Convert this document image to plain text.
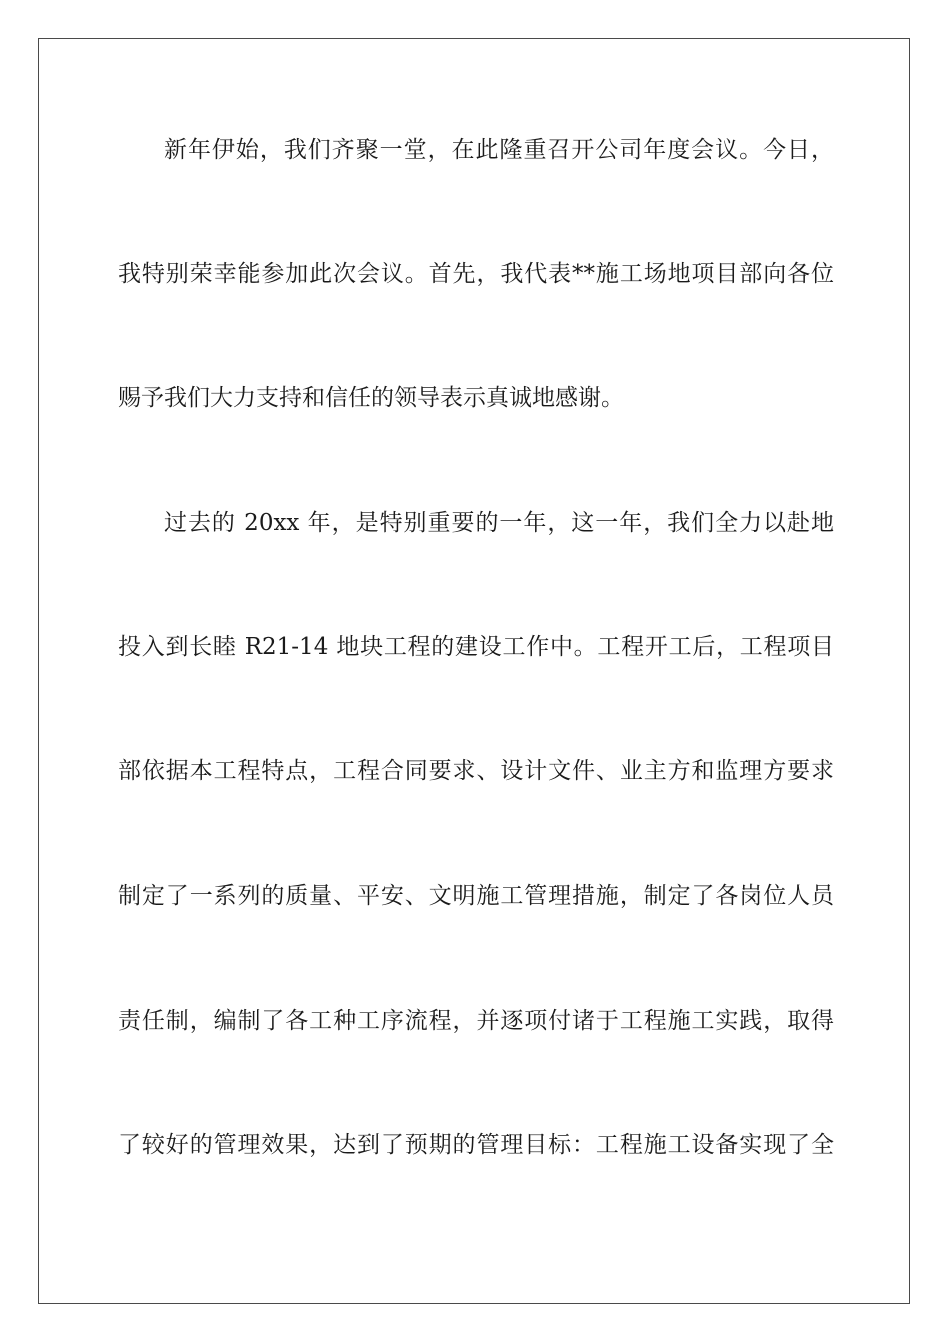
新年伊始，我们齐聚一堂，在此隆重召开公司年度会议。今日，
我特别荣幸能参加此次会议。首先，我代表**施工场地项目部向各位
赐予我们大力支持和信任的领导表示真诚地感谢。
过去的 20xx 年，是特别重要的一年，这一年，我们全力以赴地
投入到长睦 R21-14 地块工程的建设工作中。工程开工后，工程项目
部依据本工程特点，工程合同要求、设计文件、业主方和监理方要求
制定了一系列的质量、平安、文明施工管理措施，制定了各岗位人员
责任制，编制了各工种工序流程，并逐项付诸于工程施工实践，取得
了较好的管理效果，达到了预期的管理目标：工程施工设备实现了全
